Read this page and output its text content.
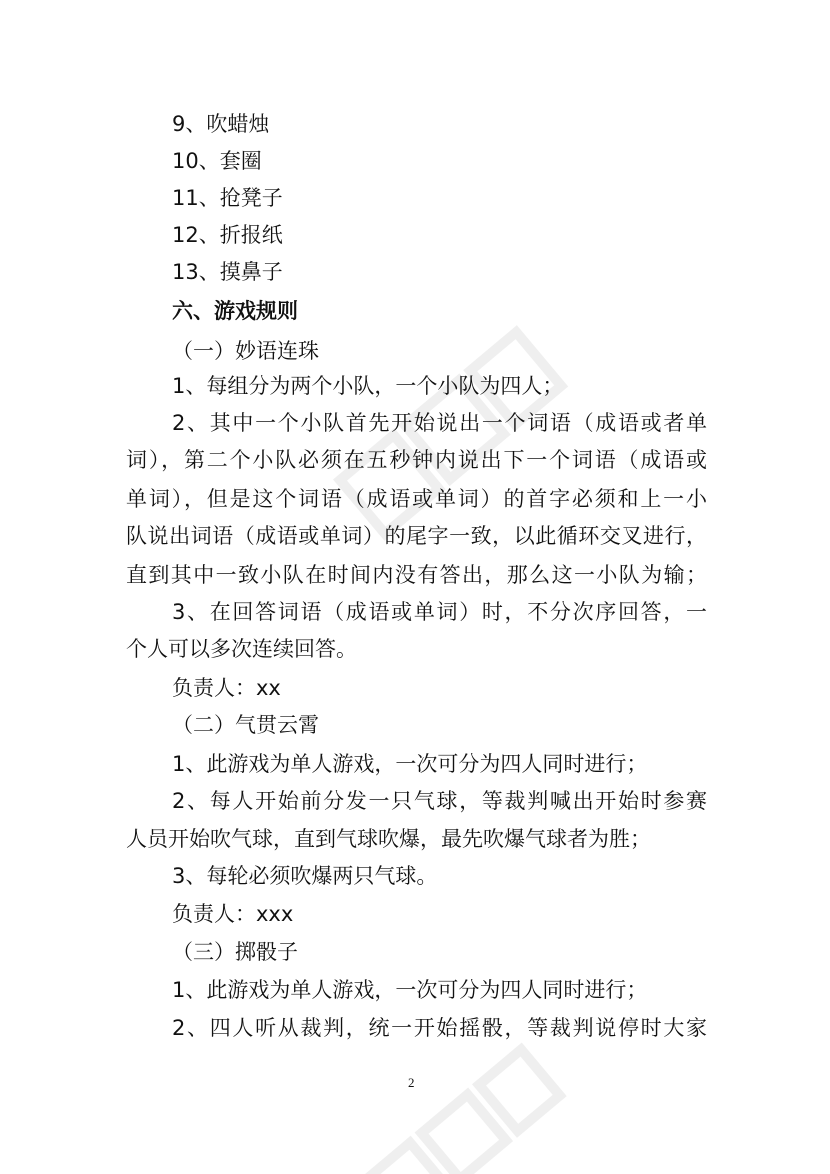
9、吹蜡烛
10、套圈
11、抢凳子
12、折报纸
13、摸鼻子
六、游戏规则
（一）妙语连珠
1、每组分为两个小队，一个小队为四人；
2、其中一个小队首先开始说出一个词语（成语或者单
词），第二个小队必须在五秒钟内说出下一个词语（成语或
单词），但是这个词语（成语或单词）的首字必须和上一小
队说出词语（成语或单词）的尾字一致，以此循环交叉进行，
直到其中一致小队在时间内没有答出，那么这一小队为输；
3、在回答词语（成语或单词）时，不分次序回答，一
个人可以多次连续回答。
负责人：xx
（二）气贯云霄
1、此游戏为单人游戏，一次可分为四人同时进行；
2、每人开始前分发一只气球，等裁判喊出开始时参赛
人员开始吹气球，直到气球吹爆，最先吹爆气球者为胜；
3、每轮必须吹爆两只气球。
负责人：xxx
（三）掷骰子
1、此游戏为单人游戏，一次可分为四人同时进行；
2、四人听从裁判，统一开始摇骰，等裁判说停时大家
2
